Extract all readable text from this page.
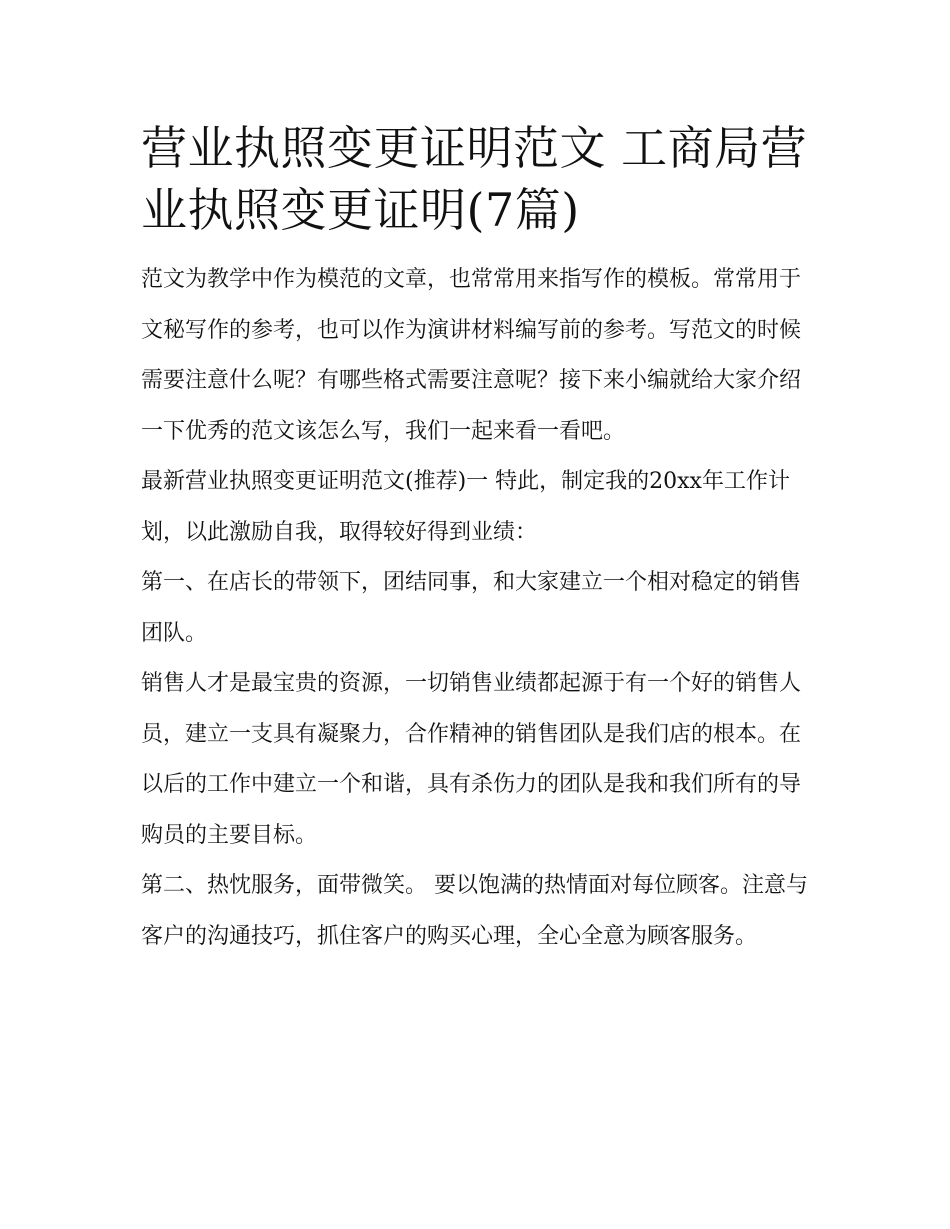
营业执照变更证明范文 工商局营业执照变更证明(7篇)

范文为教学中作为模范的文章，也常常用来指写作的模板。常常用于文秘写作的参考，也可以作为演讲材料编写前的参考。写范文的时候需要注意什么呢？有哪些格式需要注意呢？接下来小编就给大家介绍一下优秀的范文该怎么写，我们一起来看一看吧。

最新营业执照变更证明范文(推荐)一 特此，制定我的20xx年工作计划，以此激励自我，取得较好得到业绩：

第一、在店长的带领下，团结同事，和大家建立一个相对稳定的销售团队。

销售人才是最宝贵的资源，一切销售业绩都起源于有一个好的销售人员，建立一支具有凝聚力，合作精神的销售团队是我们店的根本。在以后的工作中建立一个和谐，具有杀伤力的团队是我和我们所有的导购员的主要目标。

第二、热忱服务，面带微笑。 要以饱满的热情面对每位顾客。注意与客户的沟通技巧，抓住客户的购买心理，全心全意为顾客服务。
